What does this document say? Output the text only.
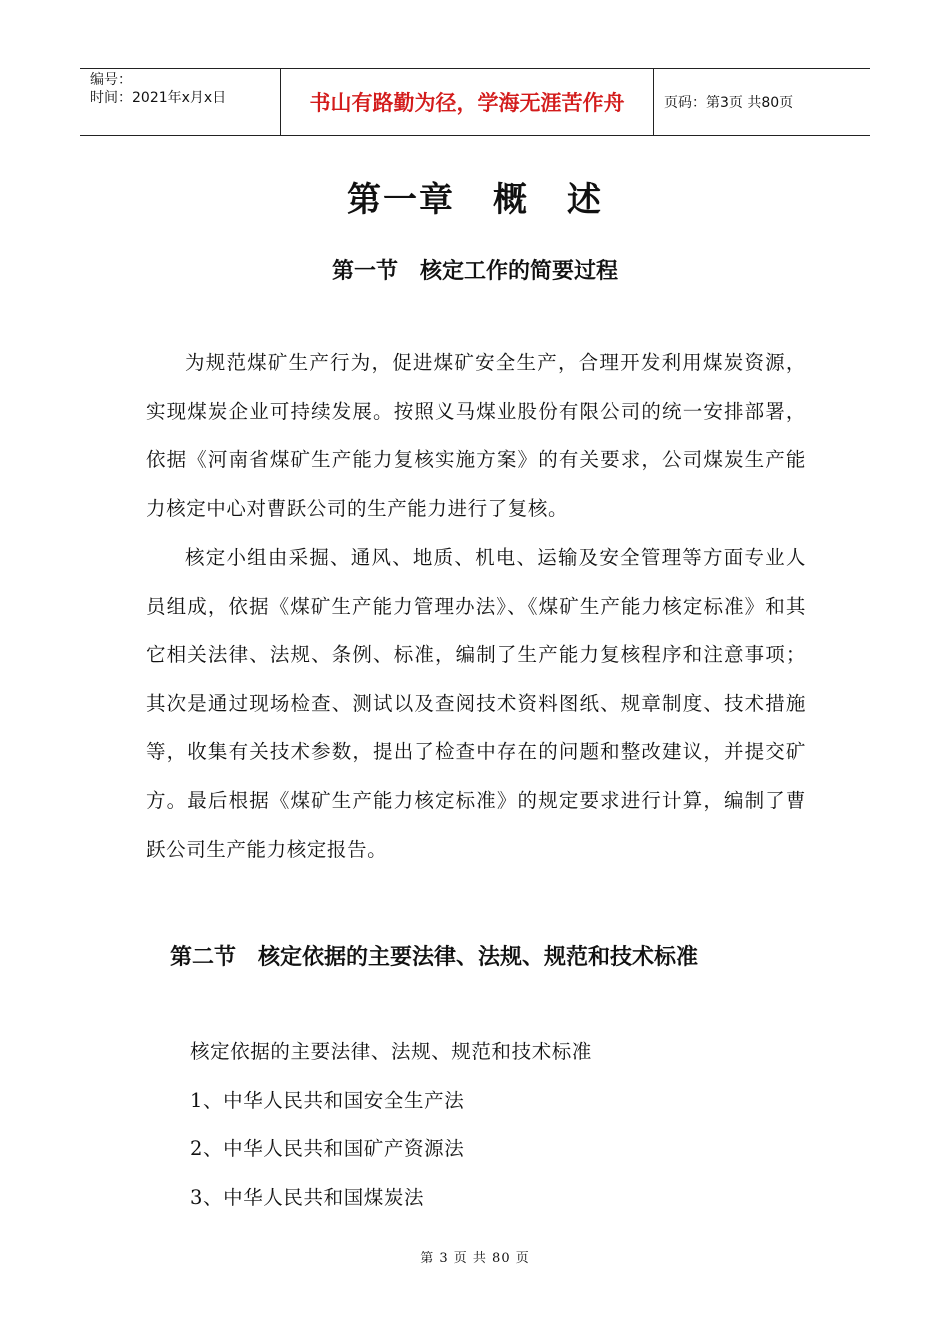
编号：
时间：2021年x月x日	书山有路勤为径，学海无涯苦作舟	页码：第3页 共80页
第一章 概 述
第一节 核定工作的简要过程

为规范煤矿生产行为，促进煤矿安全生产，合理开发利用煤炭资源，实现煤炭企业可持续发展。按照义马煤业股份有限公司的统一安排部署，依据《河南省煤矿生产能力复核实施方案》的有关要求，公司煤炭生产能力核定中心对曹跃公司的生产能力进行了复核。

核定小组由采掘、通风、地质、机电、运输及安全管理等方面专业人员组成，依据《煤矿生产能力管理办法》、《煤矿生产能力核定标准》和其它相关法律、法规、条例、标准，编制了生产能力复核程序和注意事项；其次是通过现场检查、测试以及查阅技术资料图纸、规章制度、技术措施等，收集有关技术参数，提出了检查中存在的问题和整改建议，并提交矿方。最后根据《煤矿生产能力核定标准》的规定要求进行计算，编制了曹跃公司生产能力核定报告。

第二节 核定依据的主要法律、法规、规范和技术标准
核定依据的主要法律、法规、规范和技术标准
1、中华人民共和国安全生产法
2、中华人民共和国矿产资源法
3、中华人民共和国煤炭法
第 3 页 共 80 页
